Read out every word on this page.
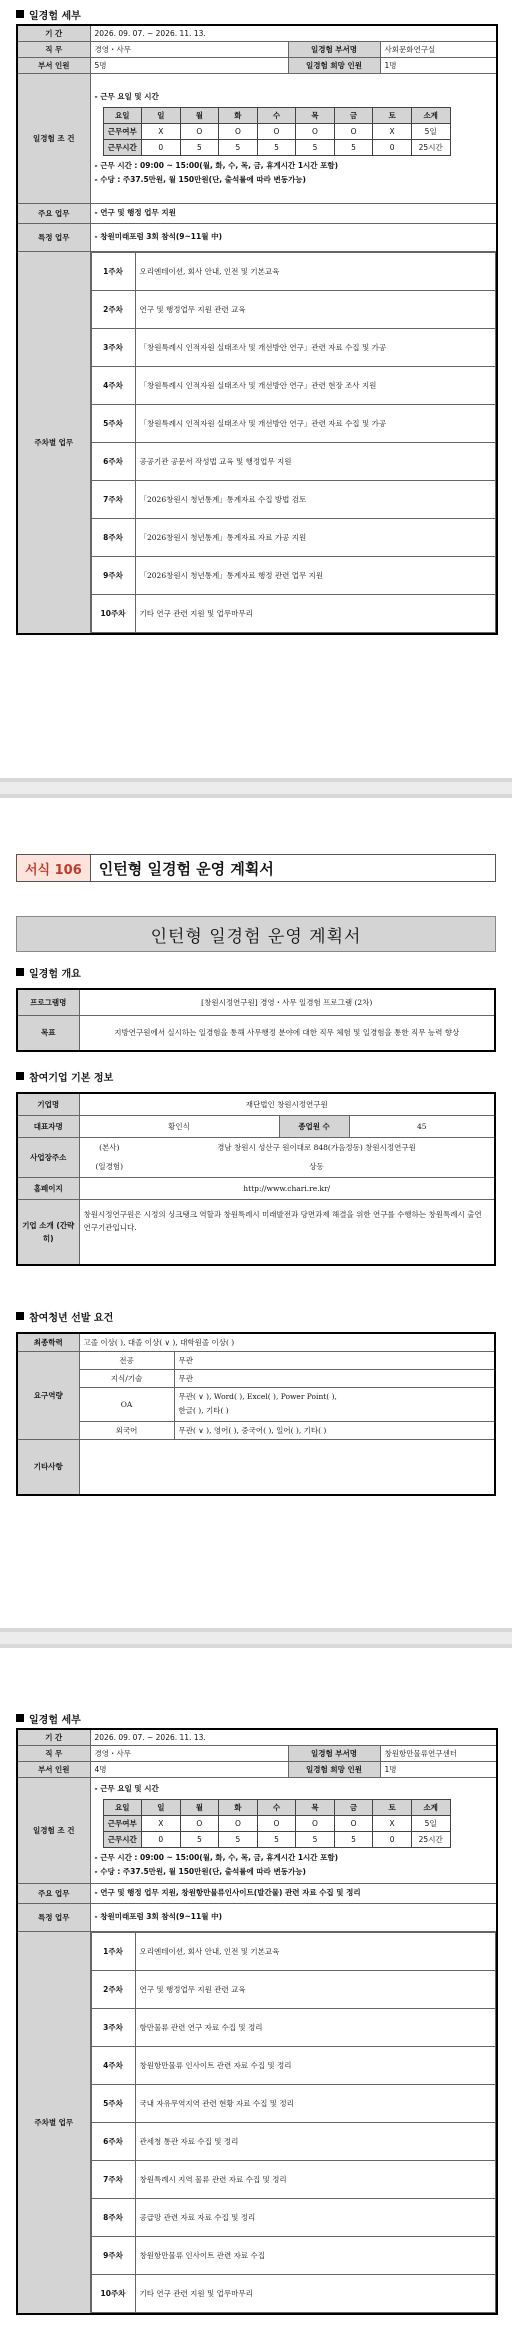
일경험 세부
기 간	2026. 09. 07. ~ 2026. 11. 13.
직 무	경영・사무	일경험 부서명	사회문화연구실
부서 인원	5명	일경험 희망 인원	1명
일경험 조 건	
- 근무 요일 및 시간
요일	일	월	화	수	목	금	토	소계
근무여부	X	O	O	O	O	O	X	5일
근무시간	0	5	5	5	5	5	0	25시간
- 근무 시간 : 09:00 ~ 15:00(월, 화, 수, 목, 금, 휴게시간 1시간 포함)
- 수당 : 주37.5만원, 월 150만원(단, 출석률에 따라 변동가능)

주요 업무	- 연구 및 행정 업무 지원
특정 업무	- 창원미래포럼 3회 참석(9~11월 中)
주차별 업무	
1주차	오리엔테이션, 회사 안내, 인전 및 기본교육
2주차	연구 및 행정업무 지원 관련 교육
3주차	「창원특례시 인적자원 실태조사 및 개선방안 연구」관련 자료 수집 및 가공
4주차	「창원특례시 인적자원 실태조사 및 개선방안 연구」관련 현장 조사 지원
5주차	「창원특례시 인적자원 실태조사 및 개선방안 연구」관련 자료 수집 및 가공
6주차	공공기관 공문서 작성법 교육 및 행정업무 지원
7주차	「2026창원시 청년통계」통계자료 수집 방법 검토
8주차	「2026창원시 청년통계」통계자료 자료 가공 지원
9주차	「2026창원시 청년통계」통계자료 행정 관련 업무 지원
10주차	기타 연구 관련 지원 및 업무마무리
서식 106	인턴형 일경험 운영 계획서
인턴형 일경험 운영 계획서
일경험 개요
프로그램명	[창원시정연구원] 경영・사무 일경험 프로그램 (2차)
목표	지방연구원에서 실시하는 일경험을 통해 사무행정 분야에 대한 직무 체험 및 일경험을 통한 직무 능력 향상
참여기업 기본 정보
기업명	재단법인 창원시정연구원			
대표자명	황인식		종업원 수	45
사업장주소	(본사)	경남 창원시 성산구 원이대로 848(가음정동) 창원시정연구원		
	(일경험)	상동		
홈페이지	http://www.chari.re.kr/			
기업 소개 (간략히)	창원시정연구원은 시정의 싱크탱크 역할과 창원특례시 미래발전과 당면과제 해결을 위한 연구를 수행하는 창원특례시 출연 연구기관입니다.			
참여청년 선발 요건
최종학력	고졸 이상( ), 대졸 이상( ∨ ), 대학원졸 이상( )	
요구역량	전공	무관
	지식/기술	무관
	OA	무관( ∨ ), Word( ), Excel( ), Power Point( ),
한글( ), 기타( )

	외국어	무관( ∨ ), 영어( ), 중국어( ), 일어( ), 기타( )
기타사항		
일경험 세부
기 간	2026. 09. 07. ~ 2026. 11. 13.
직 무	경영・사무	일경험 부서명	창원항만물류연구센터
부서 인원	4명	일경험 희망 인원	1명
일경험 조 건	
- 근무 요일 및 시간
요일	일	월	화	수	목	금	토	소계
근무여부	X	O	O	O	O	O	X	5일
근무시간	0	5	5	5	5	5	0	25시간
- 근무 시간 : 09:00 ~ 15:00(월, 화, 수, 목, 금, 휴게시간 1시간 포함)
- 수당 : 주37.5만원, 월 150만원(단, 출석률에 따라 변동가능)

주요 업무	- 연구 및 행정 업무 지원, 창원항만물류인사이트(발간물) 관련 자료 수집 및 정리
특정 업무	- 창원미래포럼 3회 참석(9~11월 中)
주차별 업무	
1주차	오리엔테이션, 회사 안내, 인전 및 기본교육
2주차	연구 및 행정업무 지원 관련 교육
3주차	항만물류 관련 연구 자료 수집 및 정리
4주차	창원항만물류 인사이트 관련 자료 수집 및 정리
5주차	국내 자유무역지역 관련 현황 자료 수집 및 정리
6주차	관세청 통관 자료 수집 및 정리
7주차	창원특례시 지역 물류 관련 자료 수집 및 정리
8주차	공급망 관련 자료 자료 수집 및 정리
9주차	창원항만물류 인사이트 관련 자료 수집
10주차	기타 연구 관련 지원 및 업무마무리
